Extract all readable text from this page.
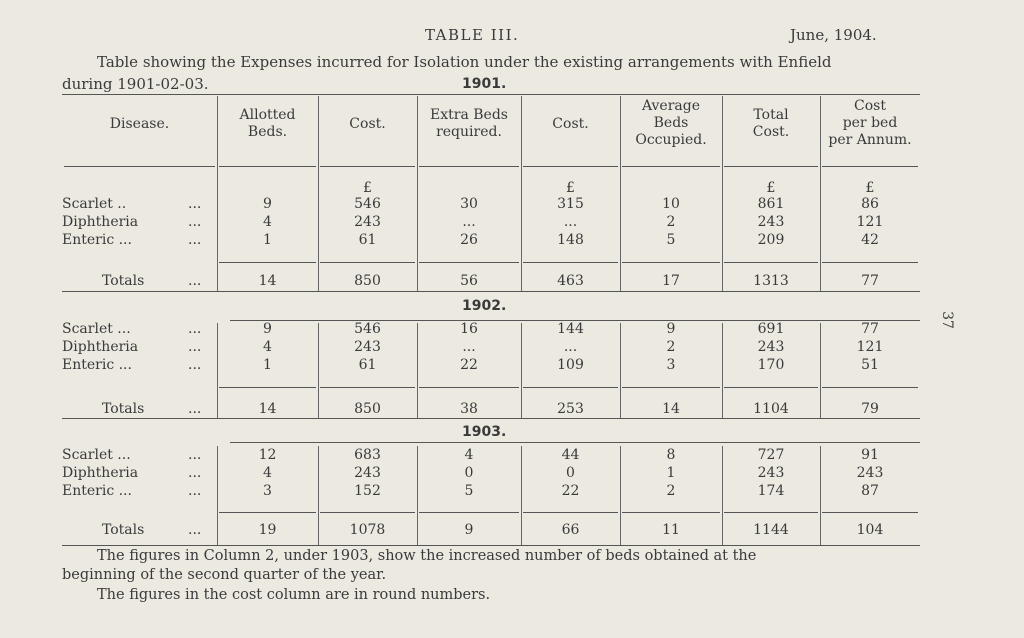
TABLE III.	June, 1904.
Table showing the Expenses incurred for Isolation under the existing arrangements with Enfield
during 1901-02-03.
37
1901.
Disease.
Allotted
Beds.	Cost.
Extra Beds
required.	Cost.
Average
Beds
Occupied.
Total
Cost.
Cost
per bed
per Annum.
£	£	£	£
Scarlet ..	...	9	546	30	315	10	861	86
Diphtheria	...	4	243	...	...	2	243	121
Enteric ...	...	1	61	26	148	5	209	42
Totals	...	14	850	56	463	17	1313	77
1902.
Scarlet ...	...	9	546	16	144	9	691	77
Diphtheria	...	4	243	...	...	2	243	121
Enteric ...	...	1	61	22	109	3	170	51
Totals	...	14	850	38	253	14	1104	79
1903.
Scarlet ...	...	12	683	4	44	8	727	91
Diphtheria	...	4	243	0	0	1	243	243
Enteric ...	...	3	152	5	22	2	174	87
Totals	...	19	1078	9	66	11	1144	104
The figures in Column 2, under 1903, show the increased number of beds obtained at the
beginning of the second quarter of the year.
The figures in the cost column are in round numbers.
